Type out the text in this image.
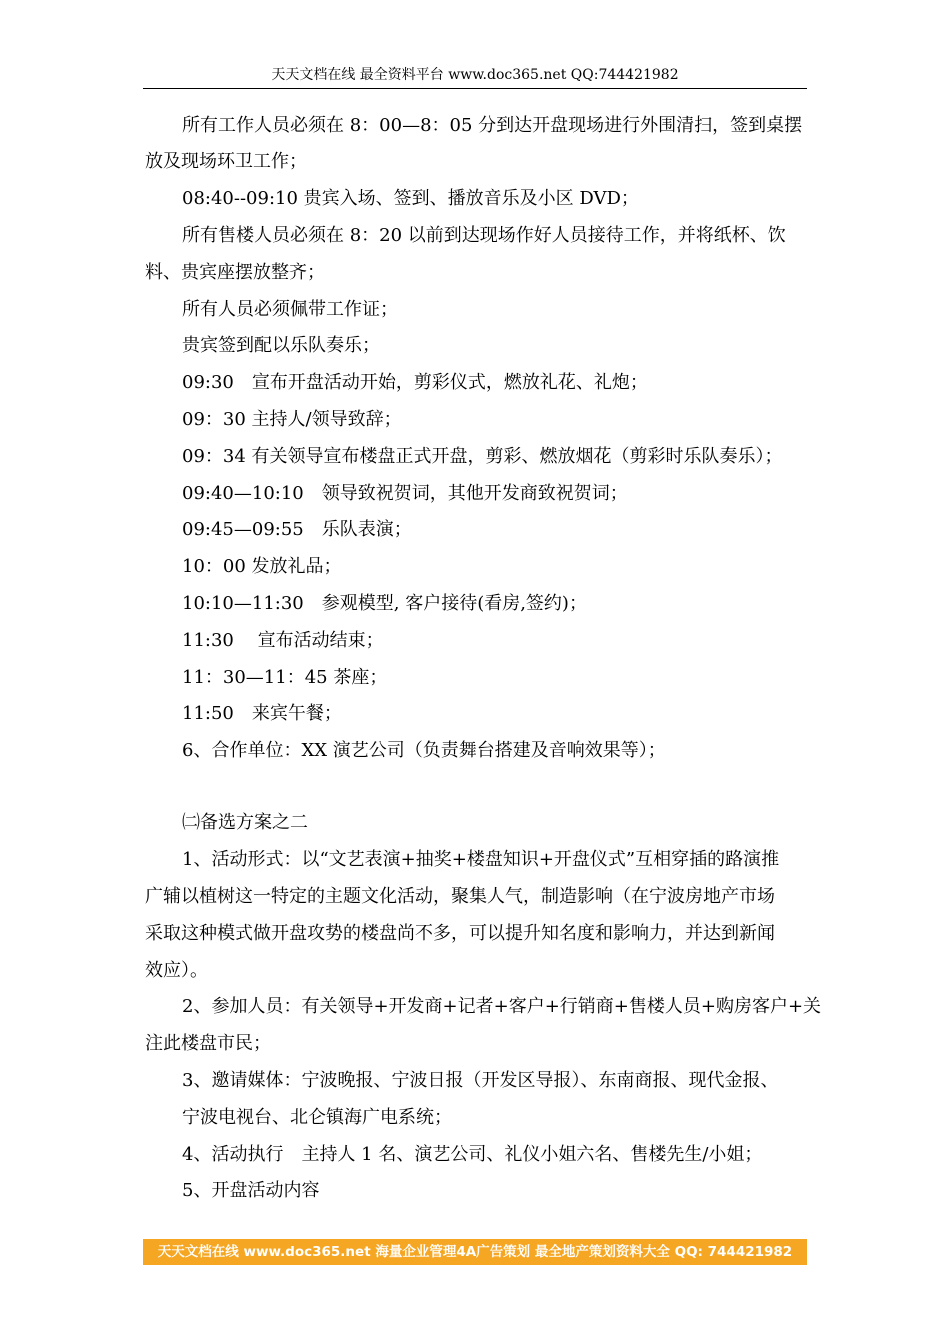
天天文档在线 最全资料平台 www.doc365.net QQ:744421982
所有工作人员必须在 8：00—8：05 分到达开盘现场进行外围清扫，签到桌摆
放及现场环卫工作；
08:40--09:10 贵宾入场、签到、播放音乐及小区 DVD；
所有售楼人员必须在 8：20 以前到达现场作好人员接待工作，并将纸杯、饮
料、贵宾座摆放整齐；
所有人员必须佩带工作证；
贵宾签到配以乐队奏乐；
09:30　宣布开盘活动开始，剪彩仪式，燃放礼花、礼炮；
09：30 主持人/领导致辞；
09：34 有关领导宣布楼盘正式开盘，剪彩、燃放烟花（剪彩时乐队奏乐）；
09:40—10:10　领导致祝贺词，其他开发商致祝贺词；
09:45—09:55　乐队表演；
10：00 发放礼品；
10:10—11:30　参观模型, 客户接待(看房,签约)；
11:30　 宣布活动结束；
11：30—11：45 茶座；
11:50　来宾午餐；
6、合作单位：XX 演艺公司（负责舞台搭建及音响效果等）；
㈡备选方案之二
1、活动形式：以“文艺表演+抽奖+楼盘知识+开盘仪式”互相穿插的路演推
广辅以植树这一特定的主题文化活动，聚集人气，制造影响（在宁波房地产市场
采取这种模式做开盘攻势的楼盘尚不多，可以提升知名度和影响力，并达到新闻
效应）。
2、参加人员：有关领导+开发商+记者+客户+行销商+售楼人员+购房客户+关
注此楼盘市民；
3、邀请媒体：宁波晚报、宁波日报（开发区导报）、东南商报、现代金报、
宁波电视台、北仑镇海广电系统；
4、活动执行　主持人 1 名、演艺公司、礼仪小姐六名、售楼先生/小姐；
5、开盘活动内容
天天文档在线 www.doc365.net 海量企业管理4A广告策划 最全地产策划资料大全 QQ: 744421982
